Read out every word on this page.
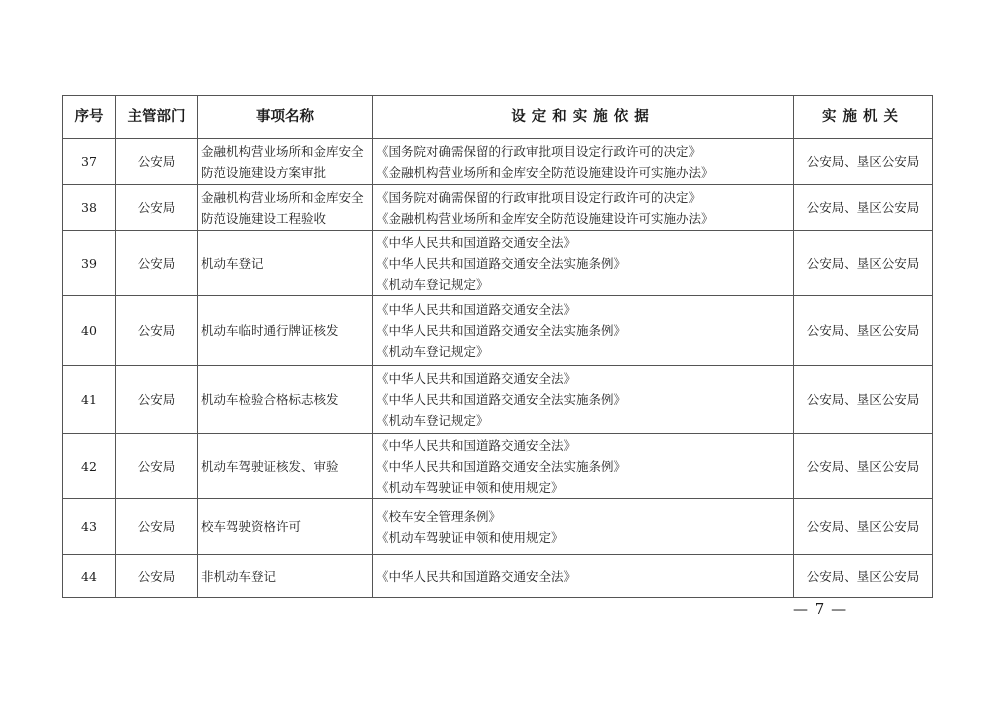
序号	主管部门	事项名称	设定和实施依据	实施机关
37	公安局	金融机构营业场所和金库安全防范设施建设方案审批	《国务院对确需保留的行政审批项目设定行政许可的决定》
《金融机构营业场所和金库安全防范设施建设许可实施办法》	公安局、垦区公安局
38	公安局	金融机构营业场所和金库安全防范设施建设工程验收	《国务院对确需保留的行政审批项目设定行政许可的决定》
《金融机构营业场所和金库安全防范设施建设许可实施办法》	公安局、垦区公安局
39	公安局	机动车登记	《中华人民共和国道路交通安全法》
《中华人民共和国道路交通安全法实施条例》
《机动车登记规定》	公安局、垦区公安局
40	公安局	机动车临时通行牌证核发	《中华人民共和国道路交通安全法》
《中华人民共和国道路交通安全法实施条例》
《机动车登记规定》	公安局、垦区公安局
41	公安局	机动车检验合格标志核发	《中华人民共和国道路交通安全法》
《中华人民共和国道路交通安全法实施条例》
《机动车登记规定》	公安局、垦区公安局
42	公安局	机动车驾驶证核发、审验	《中华人民共和国道路交通安全法》
《中华人民共和国道路交通安全法实施条例》
《机动车驾驶证申领和使用规定》	公安局、垦区公安局
43	公安局	校车驾驶资格许可	《校车安全管理条例》
《机动车驾驶证申领和使用规定》	公安局、垦区公安局
44	公安局	非机动车登记	《中华人民共和国道路交通安全法》	公安局、垦区公安局
— 7 —
